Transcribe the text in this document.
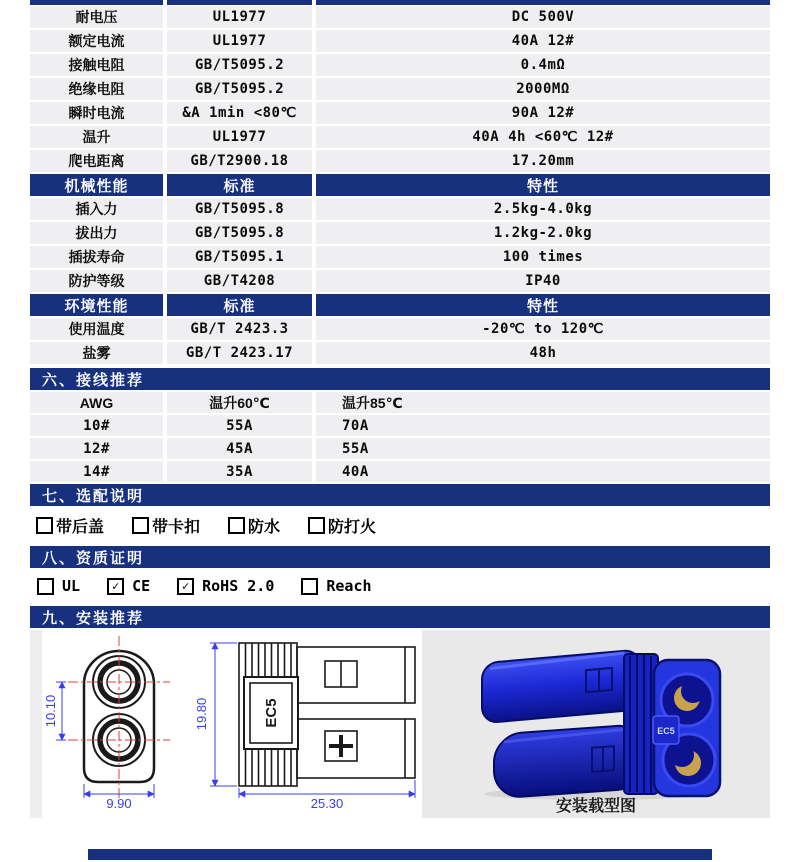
耐电压	UL1977	DC 500V
额定电流	UL1977	40A 12#
接触电阻	GB/T5095.2	0.4mΩ
绝缘电阻	GB/T5095.2	2000MΩ
瞬时电流	&A 1min <80℃	90A 12#
温升	UL1977	40A 4h <60℃ 12#
爬电距离	GB/T2900.18	17.20mm
机械性能	标准	特性
插入力	GB/T5095.8	2.5kg-4.0kg
拔出力	GB/T5095.8	1.2kg-2.0kg
插拔寿命	GB/T5095.1	100 times
防护等级	GB/T4208	IP40
环境性能	标准	特性
使用温度	GB/T 2423.3	-20℃ to 120℃
盐雾	GB/T 2423.17	48h
六、接线推荐
AWG	温升60℃	温升85℃
10#	55A	70A
12#	45A	55A
14#	35A	40A
七、选配说明
带后盖	带卡扣	防水	防打火
八、资质证明
UL	✓ CE	✓ RoHS 2.0	Reach
九、安装推荐
10.10
9.90
EC5
19.80
25.30
EC5
安装载型图
